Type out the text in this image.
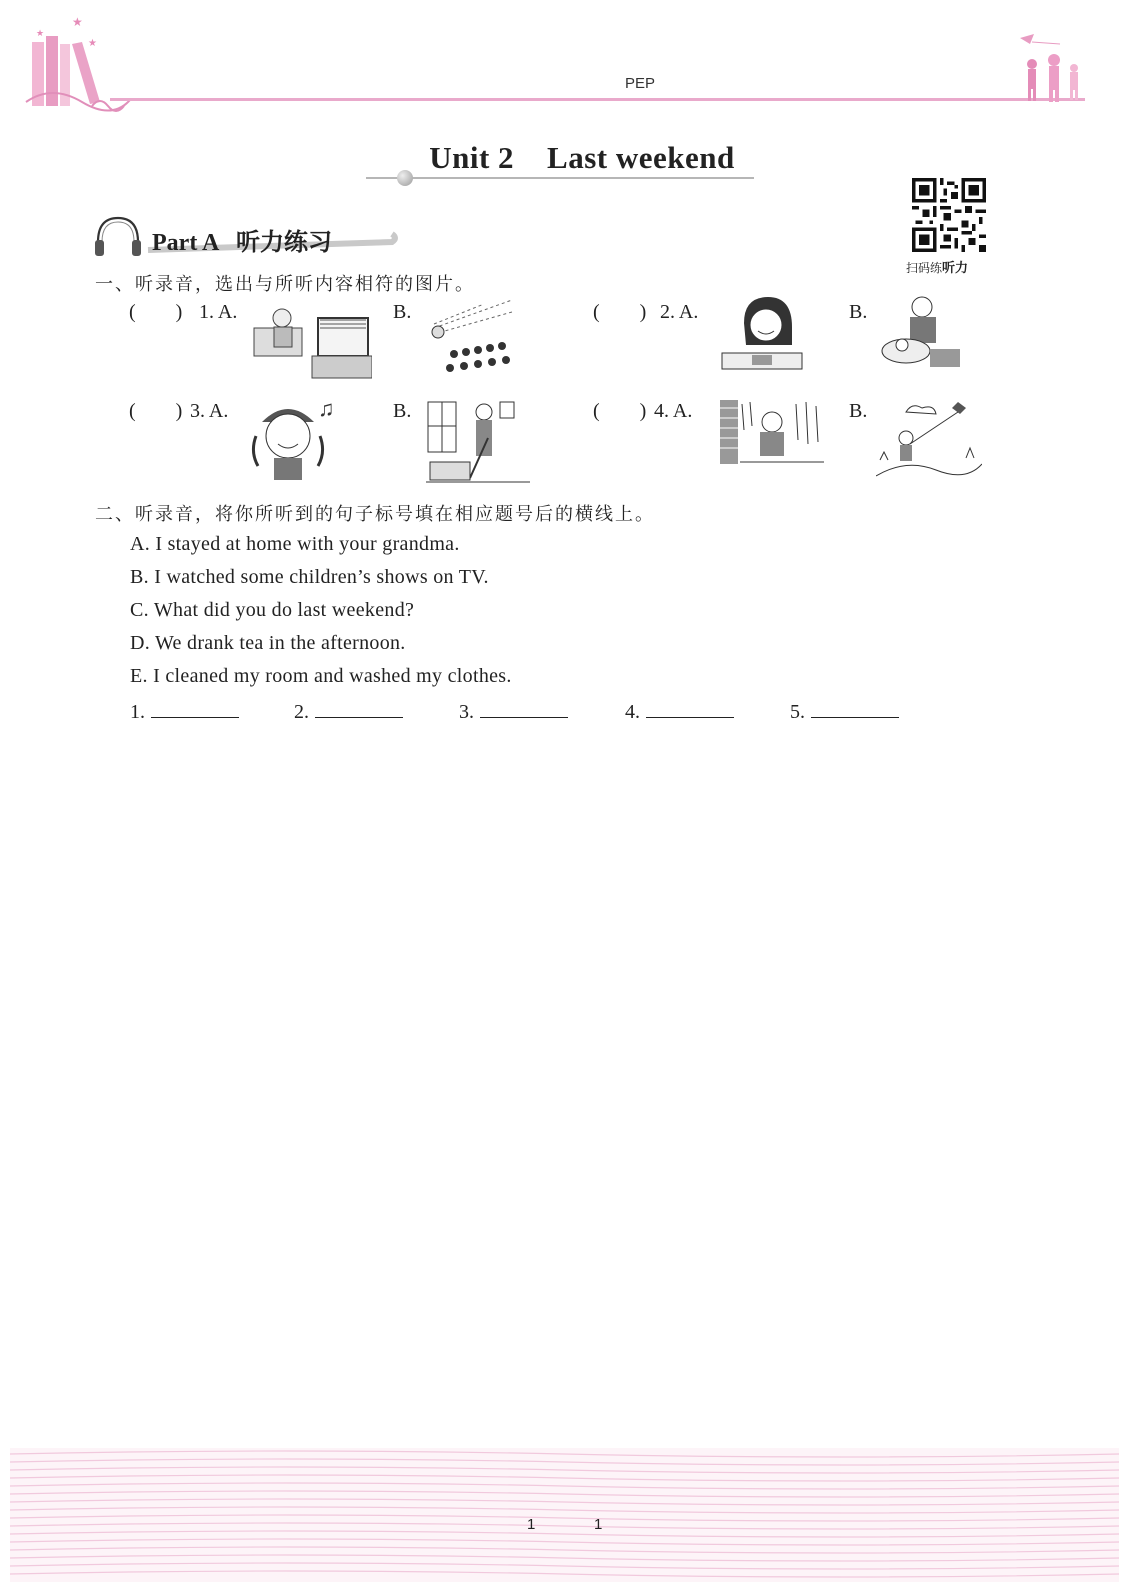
★
★
★
PEP
Unit 2    Last weekend
扫码练听力
Part A   听力练习
一、听录音，选出与所听内容相符的图片。
(        ) 1. A.	B.	(        ) 2. A.	B.
(        ) 3. A.	♫	B.	(        ) 4. A.	B.
二、听录音，将你所听到的句子标号填在相应题号后的横线上。
A. I stayed at home with your grandma.
B. I watched some children’s shows on TV.
C. What did you do last weekend?
D. We drank tea in the afternoon.
E. I cleaned my room and washed my clothes.
1.	2.	3.	4.	5.
1	1
